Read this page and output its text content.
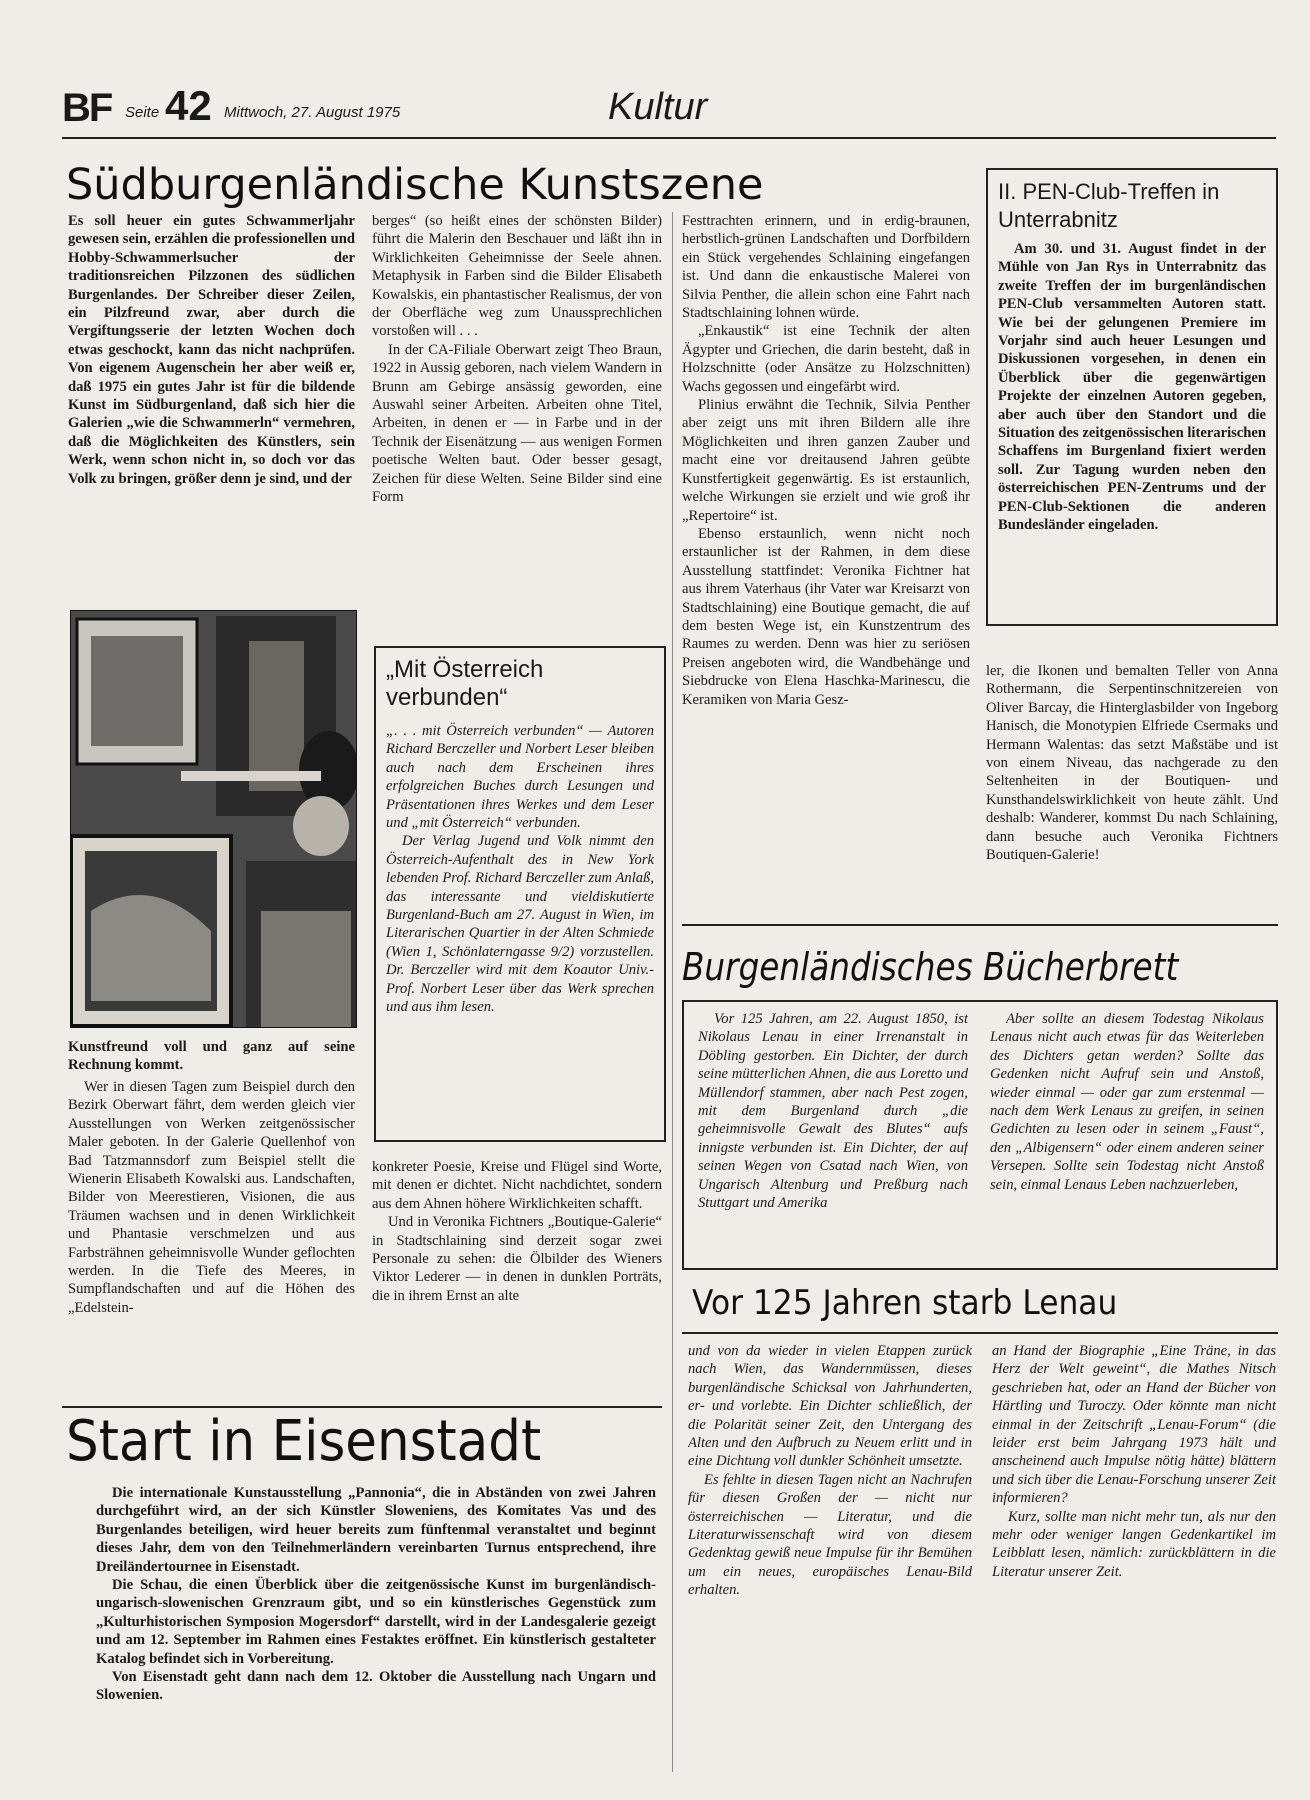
BF Seite 42 Mittwoch, 27. August 1975	Kultur
Südburgenländische Kunstszene

Es soll heuer ein gutes Schwammerljahr gewesen sein, erzählen die professionellen und Hobby-Schwammerlsucher der traditionsreichen Pilzzonen des südlichen Burgenlandes. Der Schreiber dieser Zeilen, ein Pilzfreund zwar, aber durch die Vergiftungsserie der letzten Wochen doch etwas geschockt, kann das nicht nachprüfen. Von eigenem Augenschein her aber weiß er, daß 1975 ein gutes Jahr ist für die bildende Kunst im Südburgenland, daß sich hier die Galerien „wie die Schwammerln“ vermehren, daß die Möglichkeiten des Künstlers, sein Werk, wenn schon nicht in, so doch vor das Volk zu bringen, größer denn je sind, und der

Kunstfreund voll und ganz auf seine Rechnung kommt.

Wer in diesen Tagen zum Beispiel durch den Bezirk Oberwart fährt, dem werden gleich vier Ausstellungen von Werken zeitgenössischer Maler geboten. In der Galerie Quellenhof von Bad Tatzmannsdorf zum Beispiel stellt die Wienerin Elisabeth Kowalski aus. Landschaften, Bilder von Meerestieren, Visionen, die aus Träumen wachsen und in denen Wirklichkeit und Phantasie verschmelzen und aus Farbsträhnen geheimnisvolle Wunder geflochten werden. In die Tiefe des Meeres, in Sumpflandschaften und auf die Höhen des „Edelstein-

berges“ (so heißt eines der schönsten Bilder) führt die Malerin den Beschauer und läßt ihn in Wirklichkeiten Geheimnisse der Seele ahnen. Metaphysik in Farben sind die Bilder Elisabeth Kowalskis, ein phantastischer Realismus, der von der Oberfläche weg zum Unaussprechlichen vorstoßen will . . .

In der CA-Filiale Oberwart zeigt Theo Braun, 1922 in Aussig geboren, nach vielem Wandern in Brunn am Gebirge ansässig geworden, eine Auswahl seiner Arbeiten. Arbeiten ohne Titel, Arbeiten, in denen er — in Farbe und in der Technik der Eisenätzung — aus wenigen Formen poetische Welten baut. Oder besser gesagt, Zeichen für diese Welten. Seine Bilder sind eine Form

„Mit Österreich verbunden“

„. . . mit Österreich verbunden“ — Autoren Richard Berczeller und Norbert Leser bleiben auch nach dem Erscheinen ihres erfolgreichen Buches durch Lesungen und Präsentationen ihres Werkes und dem Leser und „mit Österreich“ verbunden.

Der Verlag Jugend und Volk nimmt den Österreich-Aufenthalt des in New York lebenden Prof. Richard Berczeller zum Anlaß, das interessante und vieldiskutierte Burgenland-Buch am 27. August in Wien, im Literarischen Quartier in der Alten Schmiede (Wien 1, Schönlaterngasse 9/2) vorzustellen. Dr. Berczeller wird mit dem Koautor Univ.-Prof. Norbert Leser über das Werk sprechen und aus ihm lesen.

konkreter Poesie, Kreise und Flügel sind Worte, mit denen er dichtet. Nicht nachdichtet, sondern aus dem Ahnen höhere Wirklichkeiten schafft.

Und in Veronika Fichtners „Boutique-Galerie“ in Stadtschlaining sind derzeit sogar zwei Personale zu sehen: die Ölbilder des Wieners Viktor Lederer — in denen in dunklen Porträts, die in ihrem Ernst an alte

Festtrachten erinnern, und in erdig-braunen, herbstlich-grünen Landschaften und Dorfbildern ein Stück vergehendes Schlaining eingefangen ist. Und dann die enkaustische Malerei von Silvia Penther, die allein schon eine Fahrt nach Stadtschlaining lohnen würde.

„Enkaustik“ ist eine Technik der alten Ägypter und Griechen, die darin besteht, daß in Holzschnitte (oder Ansätze zu Holzschnitten) Wachs gegossen und eingefärbt wird.

Plinius erwähnt die Technik, Silvia Penther aber zeigt uns mit ihren Bildern alle ihre Möglichkeiten und ihren ganzen Zauber und macht eine vor dreitausend Jahren geübte Kunstfertigkeit gegenwärtig. Es ist erstaunlich, welche Wirkungen sie erzielt und wie groß ihr „Repertoire“ ist.

Ebenso erstaunlich, wenn nicht noch erstaunlicher ist der Rahmen, in dem diese Ausstellung stattfindet: Veronika Fichtner hat aus ihrem Vaterhaus (ihr Vater war Kreisarzt von Stadtschlaining) eine Boutique gemacht, die auf dem besten Wege ist, ein Kunstzentrum des Raumes zu werden. Denn was hier zu seriösen Preisen angeboten wird, die Wandbehänge und Siebdrucke von Elena Haschka-Marinescu, die Keramiken von Maria Gesz-

II. PEN-Club-Treffen in Unterrabnitz

Am 30. und 31. August findet in der Mühle von Jan Rys in Unterrabnitz das zweite Treffen der im burgenländischen PEN-Club versammelten Autoren statt. Wie bei der gelungenen Premiere im Vorjahr sind auch heuer Lesungen und Diskussionen vorgesehen, in denen ein Überblick über die gegenwärtigen Projekte der einzelnen Autoren gegeben, aber auch über den Standort und die Situation des zeitgenössischen literarischen Schaffens im Burgenland fixiert werden soll. Zur Tagung wurden neben den österreichischen PEN-Zentrums und der PEN-Club-Sektionen die anderen Bundesländer eingeladen.

ler, die Ikonen und bemalten Teller von Anna Rothermann, die Serpentinschnitzereien von Oliver Barcay, die Hinterglasbilder von Ingeborg Hanisch, die Monotypien Elfriede Csermaks und Hermann Walentas: das setzt Maßstäbe und ist von einem Niveau, das nachgerade zu den Seltenheiten in der Boutiquen- und Kunsthandelswirklichkeit von heute zählt. Und deshalb: Wanderer, kommst Du nach Schlaining, dann besuche auch Veronika Fichtners Boutiquen-Galerie!

Burgenländisches Bücherbrett

Vor 125 Jahren, am 22. August 1850, ist Nikolaus Lenau in einer Irrenanstalt in Döbling gestorben. Ein Dichter, der durch seine mütterlichen Ahnen, die aus Loretto und Müllendorf stammen, aber nach Pest zogen, mit dem Burgenland durch „die geheimnisvolle Gewalt des Blutes“ aufs innigste verbunden ist. Ein Dichter, der auf seinen Wegen von Csatad nach Wien, von Ungarisch Altenburg und Preßburg nach Stuttgart und Amerika

Aber sollte an diesem Todestag Nikolaus Lenaus nicht auch etwas für das Weiterleben des Dichters getan werden? Sollte das Gedenken nicht Aufruf sein und Anstoß, wieder einmal — oder gar zum erstenmal — nach dem Werk Lenaus zu greifen, in seinen Gedichten zu lesen oder in seinem „Faust“, den „Albigensern“ oder einem anderen seiner Versepen. Sollte sein Todestag nicht Anstoß sein, einmal Lenaus Leben nachzuerleben,

Vor 125 Jahren starb Lenau

und von da wieder in vielen Etappen zurück nach Wien, das Wandernmüssen, dieses burgenländische Schicksal von Jahrhunderten, er- und vorlebte. Ein Dichter schließlich, der die Polarität seiner Zeit, den Untergang des Alten und den Aufbruch zu Neuem erlitt und in eine Dichtung voll dunkler Schönheit umsetzte.

Es fehlte in diesen Tagen nicht an Nachrufen für diesen Großen der — nicht nur österreichischen — Literatur, und die Literaturwissenschaft wird von diesem Gedenktag gewiß neue Impulse für ihr Bemühen um ein neues, europäisches Lenau-Bild erhalten.

an Hand der Biographie „Eine Träne, in das Herz der Welt geweint“, die Mathes Nitsch geschrieben hat, oder an Hand der Bücher von Härtling und Turoczy. Oder könnte man nicht einmal in der Zeitschrift „Lenau-Forum“ (die leider erst beim Jahrgang 1973 hält und anscheinend auch Impulse nötig hätte) blättern und sich über die Lenau-Forschung unserer Zeit informieren?

Kurz, sollte man nicht mehr tun, als nur den mehr oder weniger langen Gedenkartikel im Leibblatt lesen, nämlich: zurückblättern in die Literatur unserer Zeit.

Start in Eisenstadt

Die internationale Kunstausstellung „Pannonia“, die in Abständen von zwei Jahren durchgeführt wird, an der sich Künstler Sloweniens, des Komitates Vas und des Burgenlandes beteiligen, wird heuer bereits zum fünftenmal veranstaltet und beginnt dieses Jahr, dem von den Teilnehmerländern vereinbarten Turnus entsprechend, ihre Dreiländertournee in Eisenstadt.

Die Schau, die einen Überblick über die zeitgenössische Kunst im burgenländisch-ungarisch-slowenischen Grenzraum gibt, und so ein künstlerisches Gegenstück zum „Kulturhistorischen Symposion Mogersdorf“ darstellt, wird in der Landesgalerie gezeigt und am 12. September im Rahmen eines Festaktes eröffnet. Ein künstlerisch gestalteter Katalog befindet sich in Vorbereitung.

Von Eisenstadt geht dann nach dem 12. Oktober die Ausstellung nach Ungarn und Slowenien.
